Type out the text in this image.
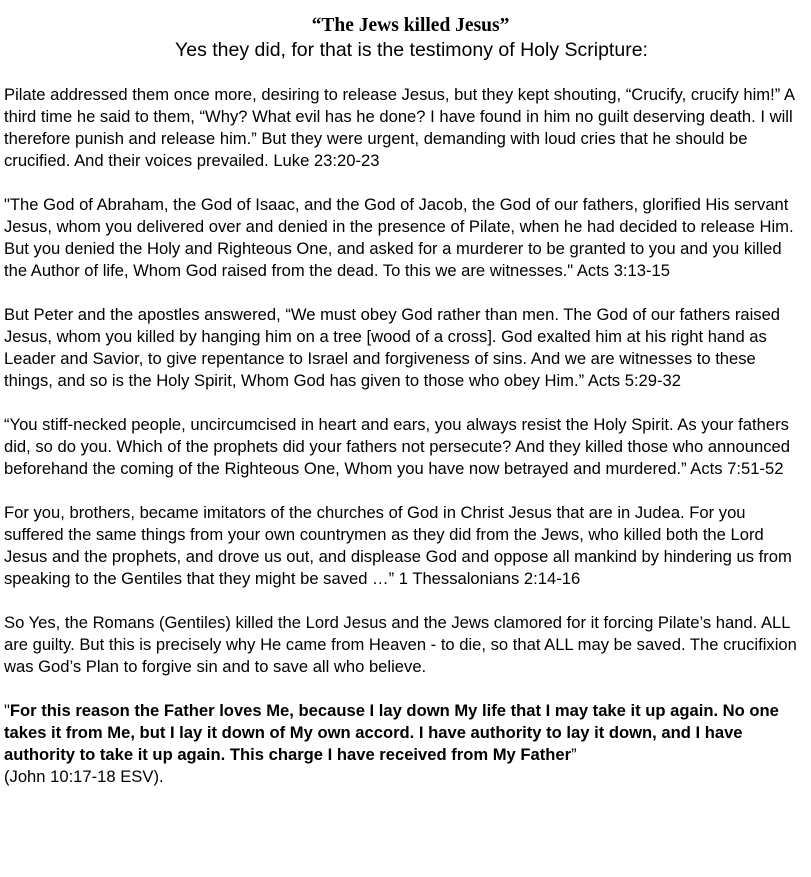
“The Jews killed Jesus”
Yes they did, for that is the testimony of Holy Scripture:

Pilate addressed them once more, desiring to release Jesus, but they kept shouting, “Crucify, crucify him!” A third time he said to them, “Why? What evil has he done? I have found in him no guilt deserving death. I will therefore punish and release him.” But they were urgent, demanding with loud cries that he should be crucified. And their voices prevailed. Luke 23:20-23

"The God of Abraham, the God of Isaac, and the God of Jacob, the God of our fathers, glorified His servant Jesus, whom you delivered over and denied in the presence of Pilate, when he had decided to release Him. But you denied the Holy and Righteous One, and asked for a murderer to be granted to you and you killed the Author of life, Whom God raised from the dead. To this we are witnesses." Acts 3:13-15

But Peter and the apostles answered, “We must obey God rather than men. The God of our fathers raised Jesus, whom you killed by hanging him on a tree [wood of a cross]. God exalted him at his right hand as Leader and Savior, to give repentance to Israel and forgiveness of sins. And we are witnesses to these things, and so is the Holy Spirit, Whom God has given to those who obey Him.” Acts 5:29-32

“You stiff-necked people, uncircumcised in heart and ears, you always resist the Holy Spirit. As your fathers did, so do you. Which of the prophets did your fathers not persecute? And they killed those who announced beforehand the coming of the Righteous One, Whom you have now betrayed and murdered.” Acts 7:51-52

For you, brothers, became imitators of the churches of God in Christ Jesus that are in Judea. For you suffered the same things from your own countrymen as they did from the Jews, who killed both the Lord Jesus and the prophets, and drove us out, and displease God and oppose all mankind by hindering us from speaking to the Gentiles that they might be saved …” 1 Thessalonians 2:14-16

So Yes, the Romans (Gentiles) killed the Lord Jesus and the Jews clamored for it forcing Pilate’s hand. ALL are guilty. But this is precisely why He came from Heaven - to die, so that ALL may be saved. The crucifixion was God’s Plan to forgive sin and to save all who believe.

"For this reason the Father loves Me, because I lay down My life that I may take it up again. No one takes it from Me, but I lay it down of My own accord. I have authority to lay it down, and I have authority to take it up again. This charge I have received from My Father”
(John 10:17-18 ESV).
